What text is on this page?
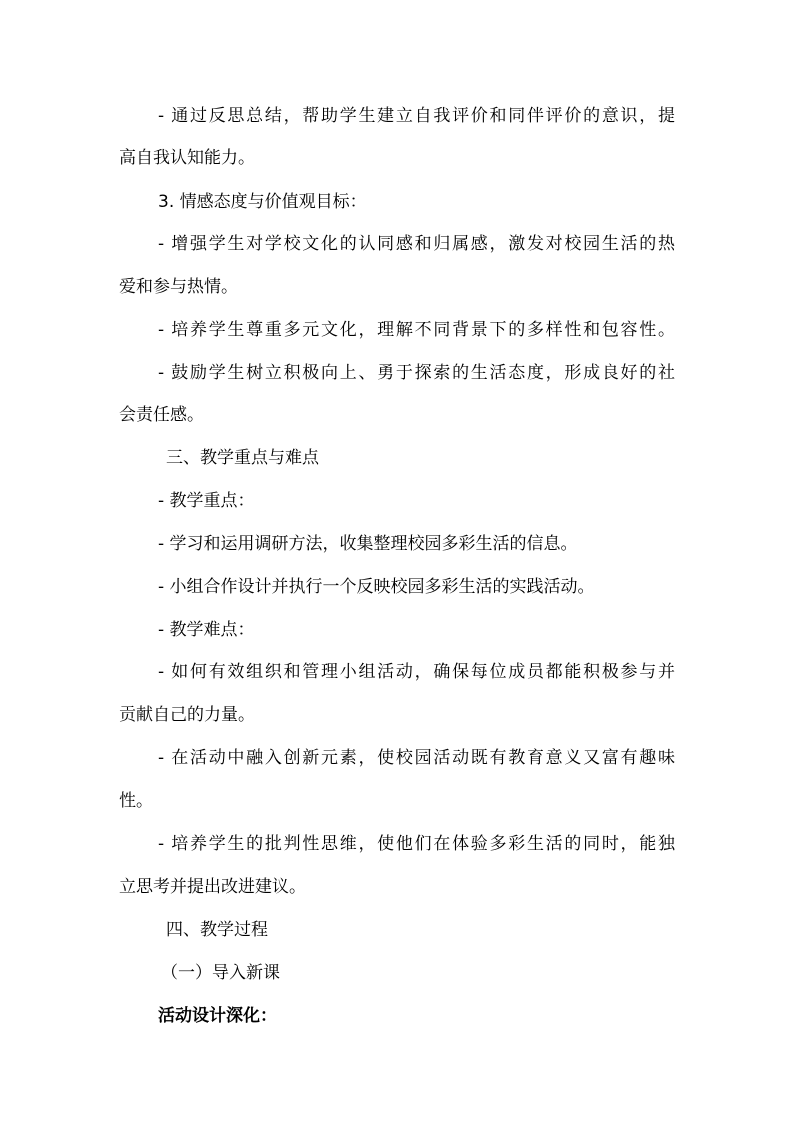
- 通过反思总结，帮助学生建立自我评价和同伴评价的意识，提
高自我认知能力。
3. 情感态度与价值观目标：
- 增强学生对学校文化的认同感和归属感，激发对校园生活的热
爱和参与热情。
- 培养学生尊重多元文化，理解不同背景下的多样性和包容性。
- 鼓励学生树立积极向上、勇于探索的生活态度，形成良好的社
会责任感。
三、教学重点与难点
- 教学重点：
- 学习和运用调研方法，收集整理校园多彩生活的信息。
- 小组合作设计并执行一个反映校园多彩生活的实践活动。
- 教学难点：
- 如何有效组织和管理小组活动，确保每位成员都能积极参与并
贡献自己的力量。
- 在活动中融入创新元素，使校园活动既有教育意义又富有趣味
性。
- 培养学生的批判性思维，使他们在体验多彩生活的同时，能独
立思考并提出改进建议。
四、教学过程
（一）导入新课
活动设计深化：
